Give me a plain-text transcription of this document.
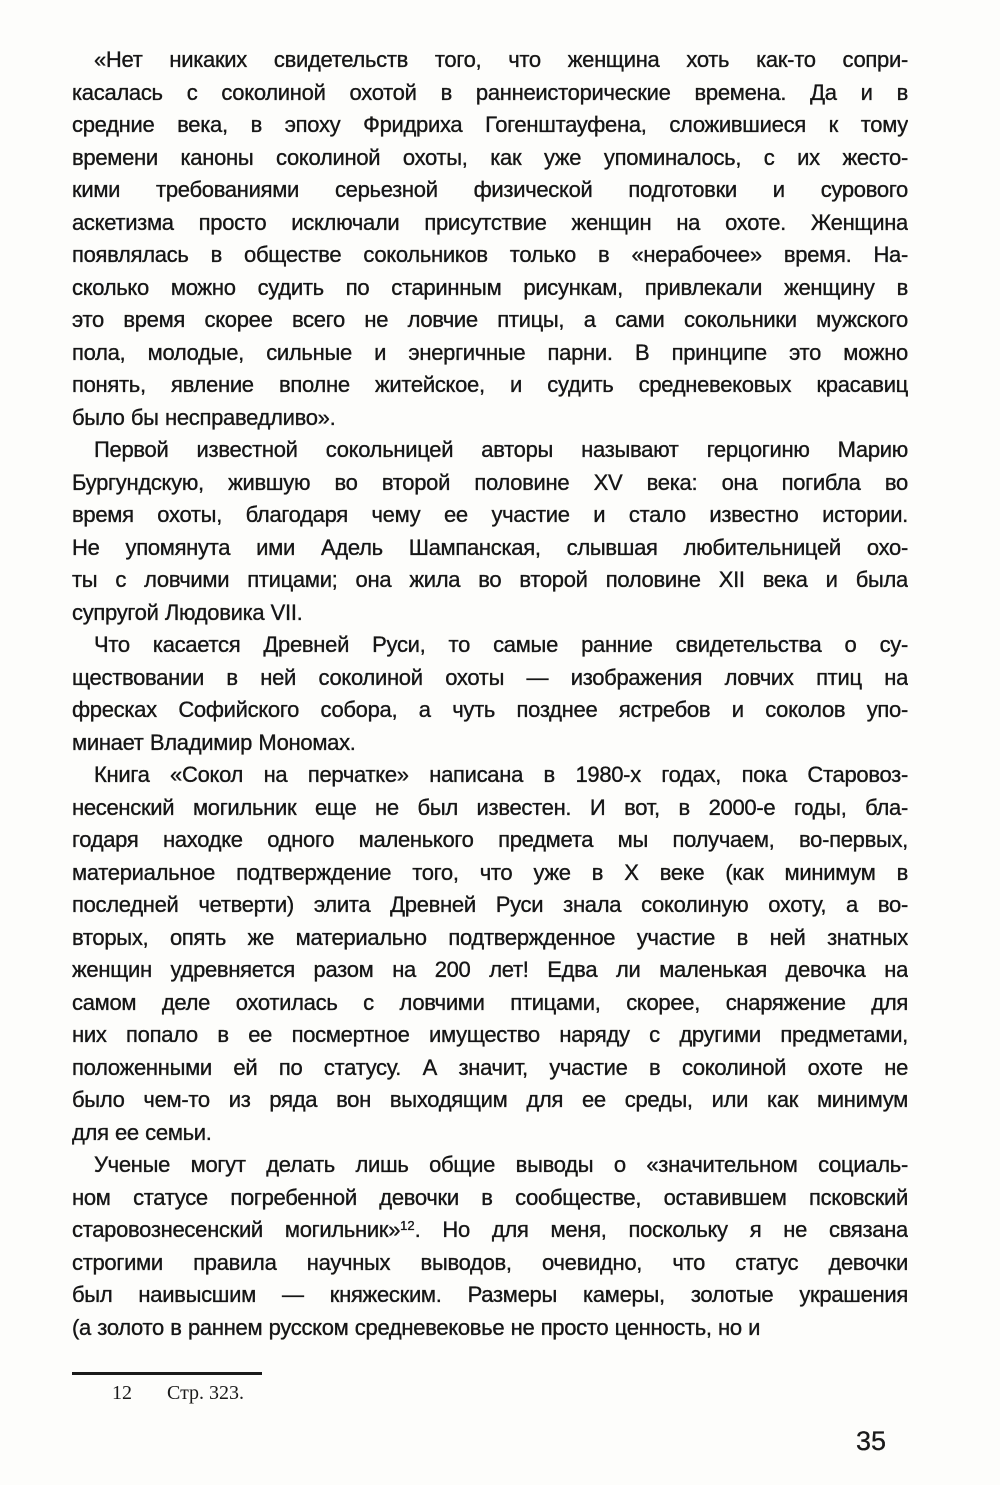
«Нет никаких свидетельств того, что женщина хоть как-то сопри-
касалась с соколиной охотой в раннеисторические времена. Да и в
средние века, в эпоху Фридриха Гогенштауфена, сложившиеся к тому
времени каноны соколиной охоты, как уже упоминалось, с их жесто-
кими требованиями серьезной физической подготовки и сурового
аскетизма просто исключали присутствие женщин на охоте. Женщина
появлялась в обществе сокольников только в «нерабочее» время. На-
сколько можно судить по старинным рисункам, привлекали женщину в
это время скорее всего не ловчие птицы, а сами сокольники мужского
пола, молодые, сильные и энергичные парни. В принципе это можно
понять, явление вполне житейское, и судить средневековых красавиц
было бы несправедливо».
Первой известной сокольницей авторы называют герцогиню Марию
Бургундскую, жившую во второй половине XV века: она погибла во
время охоты, благодаря чему ее участие и стало известно истории.
Не упомянута ими Адель Шампанская, слывшая любительницей охо-
ты с ловчими птицами; она жила во второй половине XII века и была
супругой Людовика VII.
Что касается Древней Руси, то самые ранние свидетельства о су-
ществовании в ней соколиной охоты — изображения ловчих птиц на
фресках Софийского собора, а чуть позднее ястребов и соколов упо-
минает Владимир Мономах.
Книга «Сокол на перчатке» написана в 1980-х годах, пока Старовоз-
несенский могильник еще не был известен. И вот, в 2000-е годы, бла-
годаря находке одного маленького предмета мы получаем, во-первых,
материальное подтверждение того, что уже в X веке (как минимум в
последней четверти) элита Древней Руси знала соколиную охоту, а во-
вторых, опять же материально подтвержденное участие в ней знатных
женщин удревняется разом на 200 лет! Едва ли маленькая девочка на
самом деле охотилась с ловчими птицами, скорее, снаряжение для
них попало в ее посмертное имущество наряду с другими предметами,
положенными ей по статусу. А значит, участие в соколиной охоте не
было чем-то из ряда вон выходящим для ее среды, или как минимум
для ее семьи.
Ученые могут делать лишь общие выводы о «значительном социаль-
ном статусе погребенной девочки в сообществе, оставившем псковский
старовознесенский могильник»$^{12}$. Но для меня, поскольку я не связана
строгими правила научных выводов, очевидно, что статус девочки
был наивысшим — княжеским. Размеры камеры, золотые украшения
(а золото в раннем русском средневековье не просто ценность, но и
12 Стр. 323.
35
